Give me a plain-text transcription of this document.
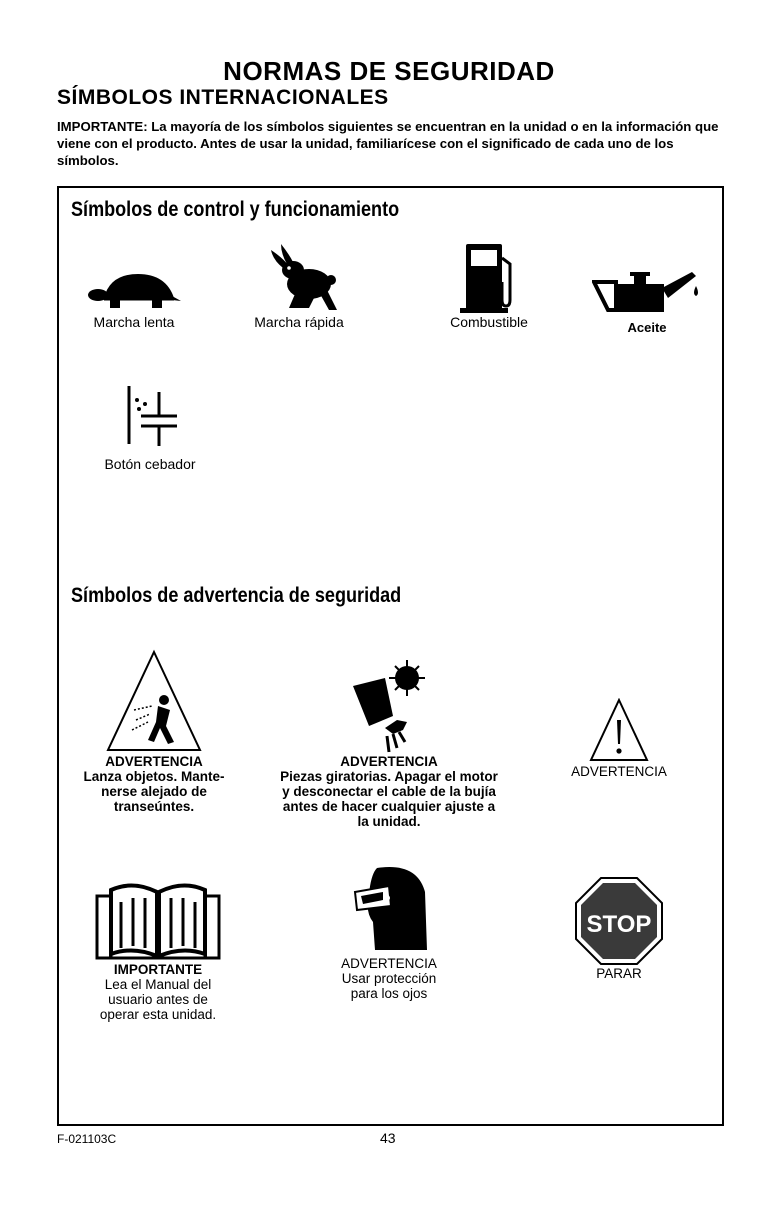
NORMAS DE SEGURIDAD
SÍMBOLOS INTERNACIONALES

IMPORTANTE: La mayoría de los símbolos siguientes se encuentran en la unidad o en la información que viene con el producto. Antes de usar la unidad, familiarícese con el significado de cada uno de los símbolos.

Símbolos de control y funcionamiento
Marcha lenta	Marcha rápida	Combustible	Aceite
Botón cebador
Símbolos de advertencia de seguridad
ADVERTENCIA
Lanza objetos. Mante-nerse alejado de transeúntes.
ADVERTENCIA
Piezas giratorias. Apagar el motor y desconectar el cable de la bujía antes de hacer cualquier ajuste a la unidad.
ADVERTENCIA
IMPORTANTE
Lea el Manual del usuario antes de operar esta unidad.
ADVERTENCIA
Usar protección para los ojos
STOP
PARAR
F-021103C	43
